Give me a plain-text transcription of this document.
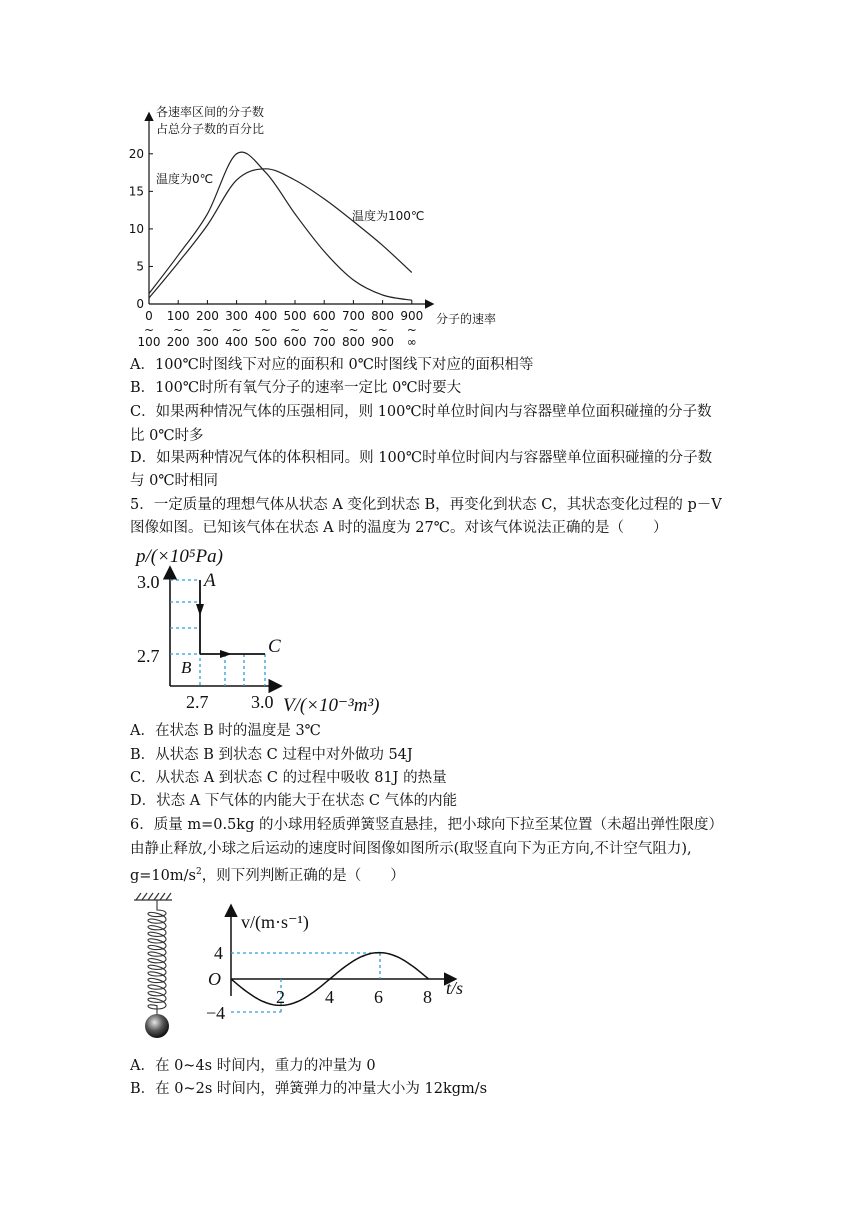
各速率区间的分子数
占总分子数的百分比
分子的速率
20
15
10
5
0
0
~
100
100
~
200
200
~
300
300
~
400
400
~
500
500
~
600
600
~
700
700
~
800
800
~
900
900
~
∞
温度为0℃
温度为100℃
A．100℃时图线下对应的面积和 0℃时图线下对应的面积相等
B．100℃时所有氧气分子的速率一定比 0℃时要大
C．如果两种情况气体的压强相同，则 100℃时单位时间内与容器壁单位面积碰撞的分子数
比 0℃时多
D．如果两种情况气体的体积相同。则 100℃时单位时间内与容器壁单位面积碰撞的分子数
与 0℃时相同
5．一定质量的理想气体从状态 A 变化到状态 B，再变化到状态 C，其状态变化过程的 p－V
图像如图。已知该气体在状态 A 时的温度为 27℃。对该气体说法正确的是（　　）
p/(×10⁵Pa)
A
B
C
3.0
2.7
2.7 3.0 V/(×10⁻³m³)
A．在状态 B 时的温度是 3℃
B．从状态 B 到状态 C 过程中对外做功 54J
C．从状态 A 到状态 C 的过程中吸收 81J 的热量
D．状态 A 下气体的内能大于在状态 C 气体的内能
6．质量 m=0.5kg 的小球用轻质弹簧竖直悬挂，把小球向下拉至某位置（未超出弹性限度）
由静止释放,小球之后运动的速度时间图像如图所示(取竖直向下为正方向,不计空气阻力),
$g=10m/s^2$，则下列判断正确的是（　　）
v/(m·s⁻¹)
t/s
O
4
−4
2 4 6 8
A．在 0~4s 时间内，重力的冲量为 0
B．在 0~2s 时间内，弹簧弹力的冲量大小为 12kgm/s
